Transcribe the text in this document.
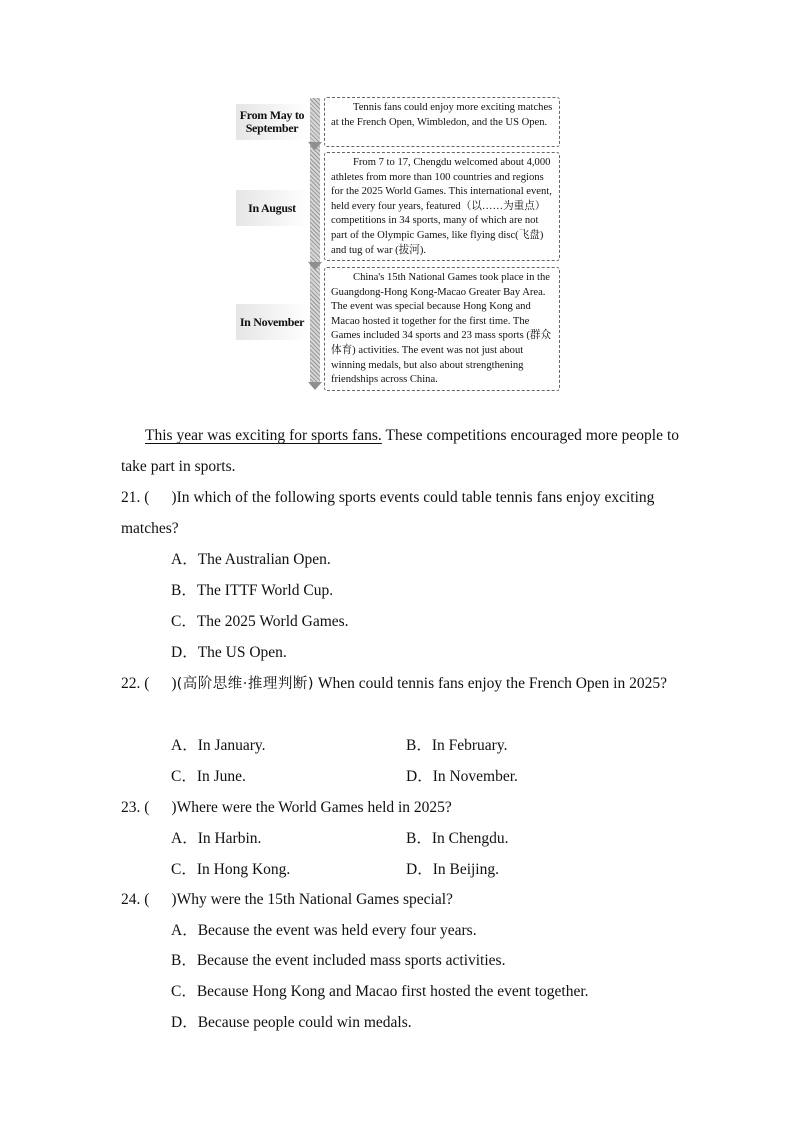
From May to September
Tennis fans could enjoy more exciting matches at the French Open, Wimbledon, and the US Open.
In August
From 7 to 17, Chengdu welcomed about 4,000 athletes from more than 100 countries and regions for the 2025 World Games. This international event, held every four years, featured（以……为重点）competitions in 34 sports, many of which are not part of the Olympic Games, like flying disc(飞盘) and tug of war (拔河).
In November
China's 15th National Games took place in the Guangdong-Hong Kong-Macao Greater Bay Area. The event was special because Hong Kong and Macao hosted it together for the first time. The Games included 34 sports and 23 mass sports (群众体育) activities. The event was not just about winning medals, but also about strengthening friendships across China.
This year was exciting for sports fans. These competitions encouraged more people to take part in sports.
21. ( )In which of the following sports events could table tennis fans enjoy exciting matches?
A．The Australian Open.
B．The ITTF World Cup.
C．The 2025 World Games.
D．The US Open.
22. ( )(高阶思维·推理判断) When could tennis fans enjoy the French Open in 2025?
A．In January.	B．In February.
C．In June.	D．In November.
23. ( )Where were the World Games held in 2025?
A．In Harbin.	B．In Chengdu.
C．In Hong Kong.	D．In Beijing.
24. ( )Why were the 15th National Games special?
A．Because the event was held every four years.
B．Because the event included mass sports activities.
C．Because Hong Kong and Macao first hosted the event together.
D．Because people could win medals.
